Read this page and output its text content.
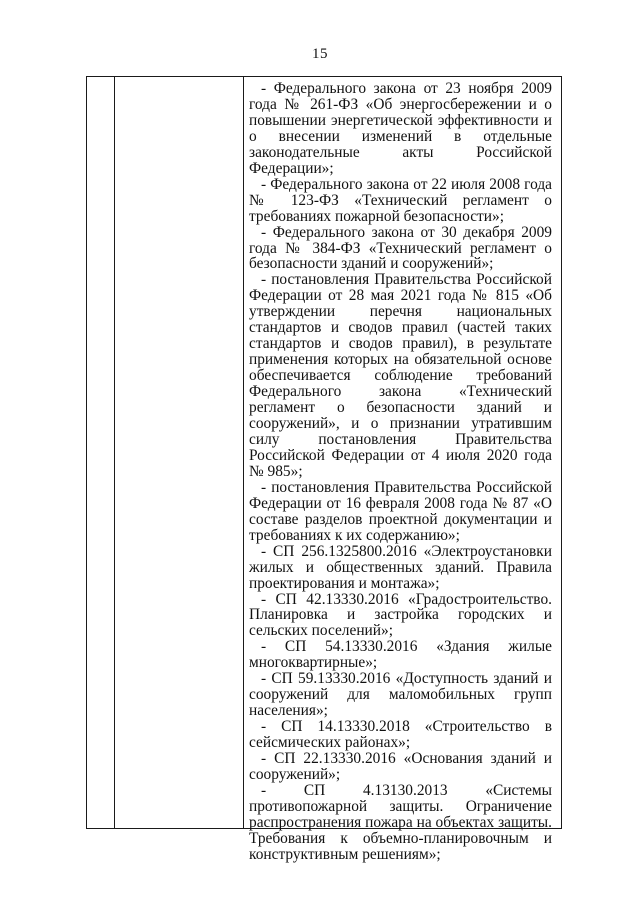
15

- Федерального закона от 23 ноября 2009 года № 261-ФЗ «Об энергосбережении и о повышении энергетической эффективности и о внесении изменений в отдельные законодательные акты Российской Федерации»;

- Федерального закона от 22 июля 2008 года № 123-ФЗ «Технический регламент о требованиях пожарной безопасности»;

- Федерального закона от 30 декабря 2009 года № 384-ФЗ «Технический регламент о безопасности зданий и сооружений»;

- постановления Правительства Российской Федерации от 28 мая 2021 года № 815 «Об утверждении перечня национальных стандартов и сводов правил (частей таких стандартов и сводов правил), в результате применения которых на обязательной основе обеспечивается соблюдение требований Федерального закона «Технический регламент о безопасности зданий и сооружений», и о признании утратившим силу постановления Правительства Российской Федерации от 4 июля 2020 года № 985»;

- постановления Правительства Российской Федерации от 16 февраля 2008 года № 87 «О составе разделов проектной документации и требованиях к их содержанию»;

- СП 256.1325800.2016 «Электроустановки жилых и общественных зданий. Правила проектирования и монтажа»;

- СП 42.13330.2016 «Градостроительство. Планировка и застройка городских и сельских поселений»;

- СП 54.13330.2016 «Здания жилые многоквартирные»;

- СП 59.13330.2016 «Доступность зданий и сооружений для маломобильных групп населения»;

- СП 14.13330.2018 «Строительство в сейсмических районах»;

- СП 22.13330.2016 «Основания зданий и сооружений»;

- СП 4.13130.2013 «Системы противопожарной защиты. Ограничение распространения пожара на объектах защиты. Требования к объемно-планировочным и конструктивным решениям»;
